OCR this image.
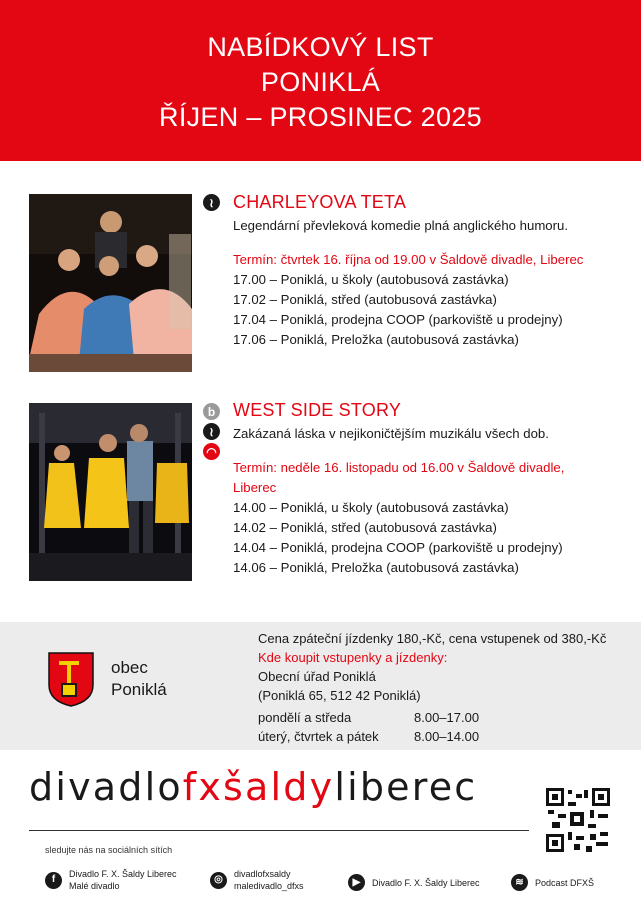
NABÍDKOVÝ LIST
PONIKLÁ
ŘÍJEN – PROSINEC 2025
≀	CHARLEYOVA TETA
Legendární převleková komedie plná anglického humoru.
Termín: čtvrtek 16. října od 19.00 v Šaldově divadle, Liberec
17.00 – Poniklá, u školy (autobusová zastávka)
17.02 – Poniklá, střed (autobusová zastávka)
17.04 – Poniklá, prodejna COOP (parkoviště u prodejny)
17.06 – Poniklá, Preložka (autobusová zastávka)
b
≀
◠
WEST SIDE STORY
Zakázaná láska v nejikoničtějším muzikálu všech dob.
Termín: neděle 16. listopadu od 16.00 v Šaldově divadle,
Liberec
14.00 – Poniklá, u školy (autobusová zastávka)
14.02 – Poniklá, střed (autobusová zastávka)
14.04 – Poniklá, prodejna COOP (parkoviště u prodejny)
14.06 – Poniklá, Preložka (autobusová zastávka)
obec
Poniklá
Cena zpáteční jízdenky 180,-Kč, cena vstupenek od 380,-Kč
Kde koupit vstupenky a jízdenky:
Obecní úřad Poniklá
(Poniklá 65, 512 42 Poniklá)
pondělí a středa	8.00–17.00
úterý, čtvrtek a pátek	8.00–14.00
divadlofxšaldyliberec
sledujte nás na sociálních sítích
f	Divadlo F. X. Šaldy Liberec
Malé divadlo
◎	divadlofxsaldy
maledivadlo_dfxs	▶	Divadlo F. X. Šaldy Liberec	≋	Podcast DFXŠ
